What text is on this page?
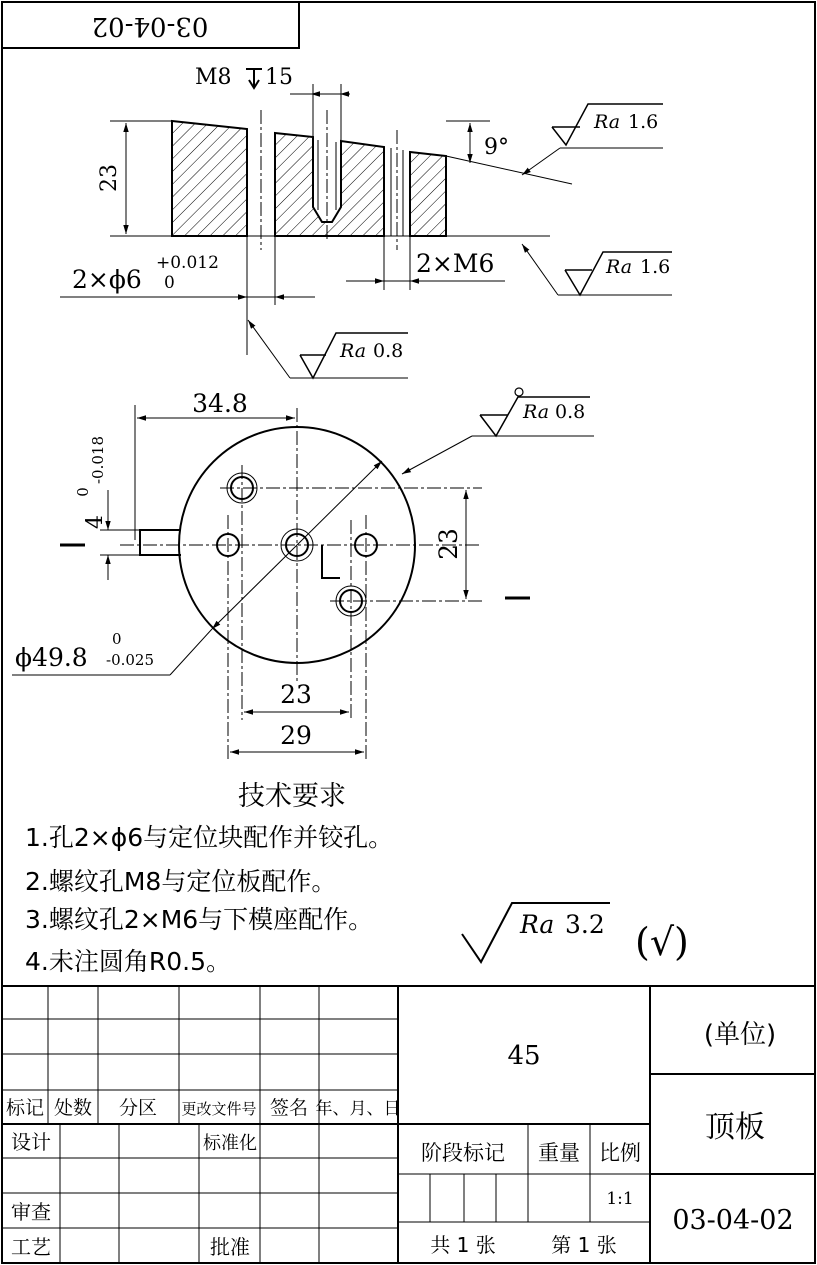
03-04-02
23
9°
M8 15
2×ϕ6
+0.012
0
2×M6
Ra 1.6
Ra 1.6
Ra 0.8
34.8
4
0
-0.018
23
ϕ49.8
0
-0.025
23
29
Ra 0.8
技术要求
1.孔2×ϕ6与定位块配作并铰孔。
2.螺纹孔M8与定位板配作。
3.螺纹孔2×M6与下模座配作。
4.未注圆角R0.5。
Ra 3.2 (√)
标记 处数 分区 更改文件号 签名 年、月、日
设计	标准化
审查
工艺	批准
45
阶段标记 重量 比例
1:1
共 1 张	第 1 张
(单位)
顶板
03-04-02
